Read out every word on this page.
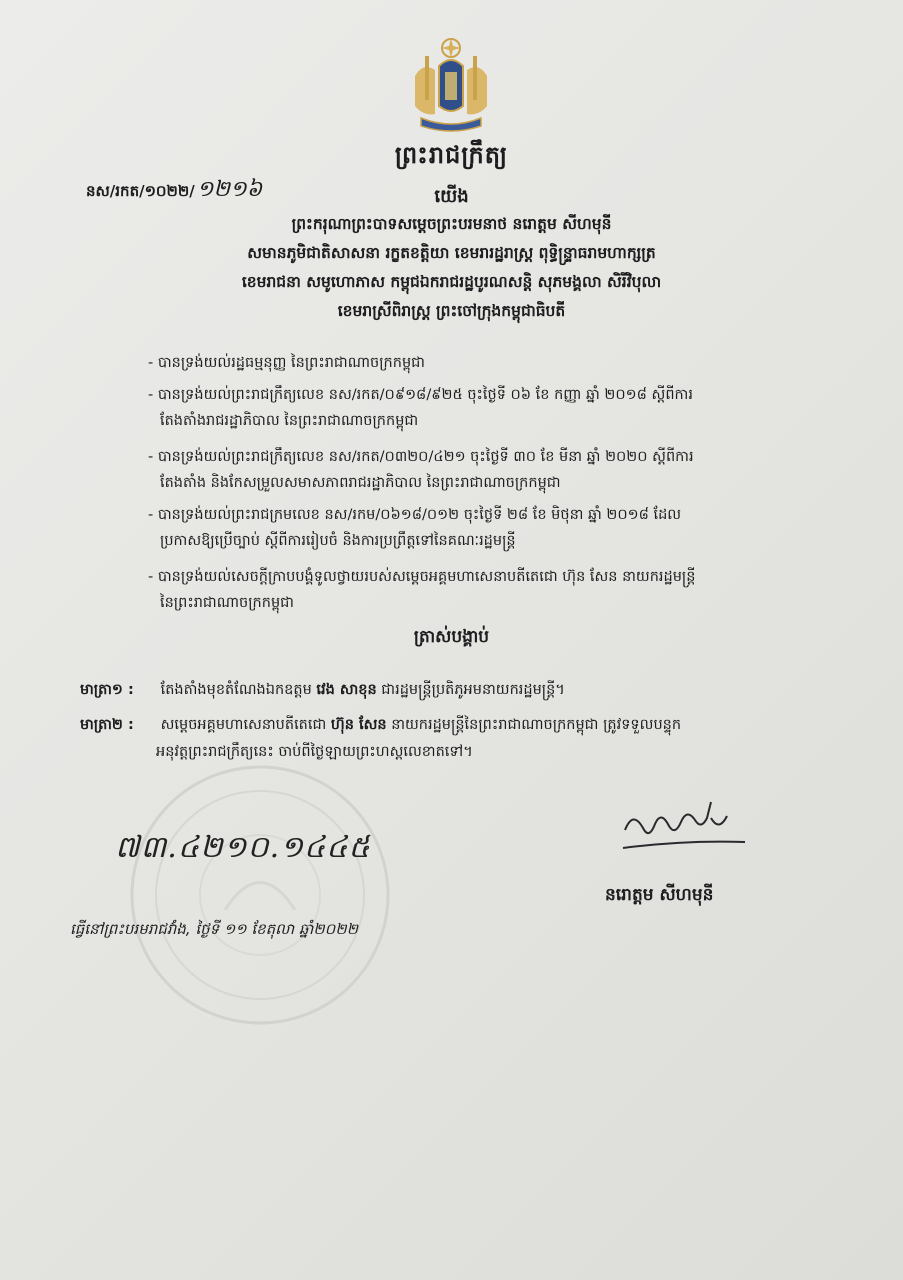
ព្រះរាជក្រឹត្យ
នស/រកត/១០២២/១២១៦	យើង
ព្រះករុណាព្រះបាទសម្តេចព្រះបរមនាថ នរោត្តម សីហមុនី
សមានភូមិជាតិសាសនា រក្ខតខត្តិយា ខេមរារដ្ឋរាស្ត្រ ពុទ្ធិន្ទ្រាធរាមហាក្សត្រ
ខេមរាជនា សមូហោភាស កម្ពុជឯករាជរដ្ឋបូរណសន្តិ សុភមង្គលា សិរីវិបុលា
ខេមរាស្រីពិរាស្ត្រ ព្រះចៅក្រុងកម្ពុជាធិបតី
- បានទ្រង់យល់រដ្ឋធម្មនុញ្ញ នៃព្រះរាជាណាចក្រកម្ពុជា
- បានទ្រង់យល់ព្រះរាជក្រឹត្យលេខ នស/រកត/០៩១៨/៩២៥ ចុះថ្ងៃទី ០៦ ខែ កញ្ញា ឆ្នាំ ២០១៨ ស្តីពីការ
តែងតាំងរាជរដ្ឋាភិបាល នៃព្រះរាជាណាចក្រកម្ពុជា
- បានទ្រង់យល់ព្រះរាជក្រឹត្យលេខ នស/រកត/០៣២០/៤២១ ចុះថ្ងៃទី ៣០ ខែ មីនា ឆ្នាំ ២០២០ ស្តីពីការ
តែងតាំង និងកែសម្រួលសមាសភាពរាជរដ្ឋាភិបាល នៃព្រះរាជាណាចក្រកម្ពុជា
- បានទ្រង់យល់ព្រះរាជក្រមលេខ នស/រកម/០៦១៨/០១២ ចុះថ្ងៃទី ២៨ ខែ មិថុនា ឆ្នាំ ២០១៨ ដែល
ប្រកាសឱ្យប្រើច្បាប់ ស្តីពីការរៀបចំ និងការប្រព្រឹត្តទៅនៃគណៈរដ្ឋមន្ត្រី
- បានទ្រង់យល់សេចក្តីក្រាបបង្គំទូលថ្វាយរបស់សម្តេចអគ្គមហាសេនាបតីតេជោ ហ៊ុន សែន នាយករដ្ឋមន្ត្រី
នៃព្រះរាជាណាចក្រកម្ពុជា
ត្រាស់បង្គាប់
មាត្រា១ : តែងតាំងមុខតំណែងឯកឧត្តម វេង សាខុន ជារដ្ឋមន្ត្រីប្រតិភូអមនាយករដ្ឋមន្ត្រី។
មាត្រា២ : សម្តេចអគ្គមហាសេនាបតីតេជោ ហ៊ុន សែន នាយករដ្ឋមន្ត្រីនៃព្រះរាជាណាចក្រកម្ពុជា ត្រូវទទួលបន្ទុក
អនុវត្តព្រះរាជក្រឹត្យនេះ ចាប់ពីថ្ងៃឡាយព្រះហស្តលេខាតទៅ។
៧៣.៤២១០.១៤៤៥
នរោត្តម សីហមុនី
ធ្វើនៅព្រះបរមរាជវាំង, ថ្ងៃទី ១១ ខែតុលា ឆ្នាំ២០២២
